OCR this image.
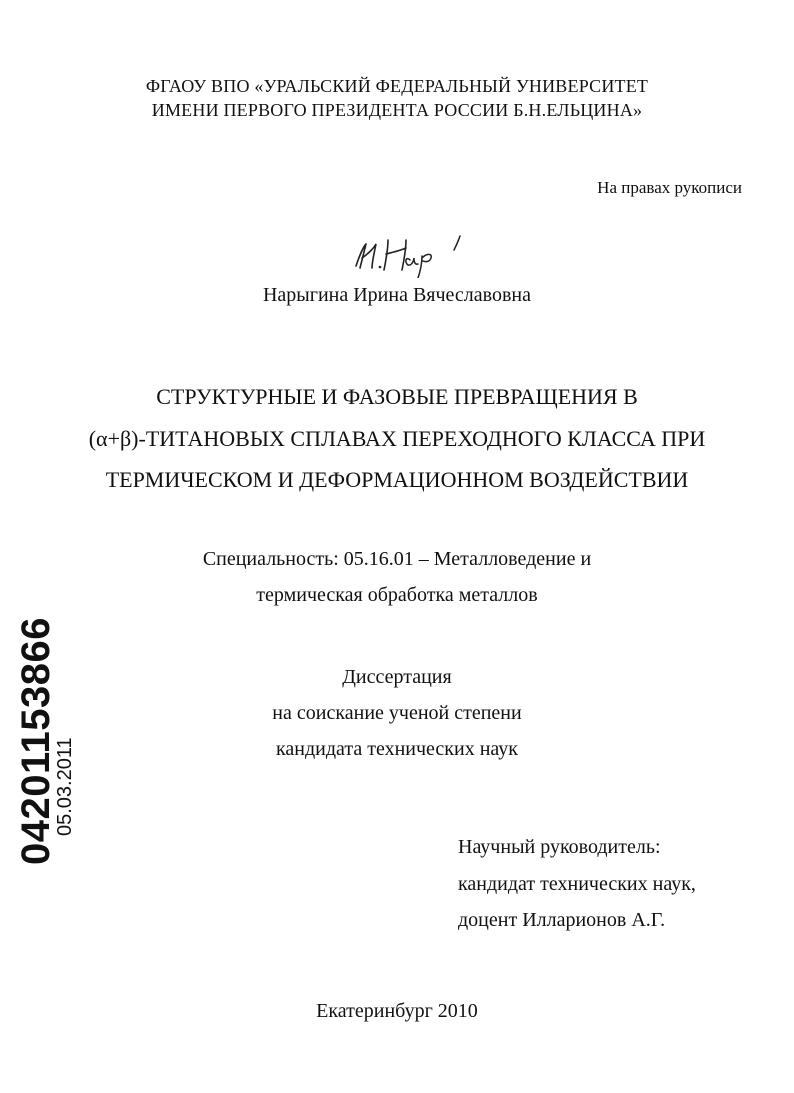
ФГАОУ ВПО «УРАЛЬСКИЙ ФЕДЕРАЛЬНЫЙ УНИВЕРСИТЕТ
ИМЕНИ ПЕРВОГО ПРЕЗИДЕНТА РОССИИ Б.Н.ЕЛЬЦИНА»
На правах рукописи
Нарыгина Ирина Вячеславовна
СТРУКТУРНЫЕ И ФАЗОВЫЕ ПРЕВРАЩЕНИЯ В
(α+β)-ТИТАНОВЫХ СПЛАВАХ ПЕРЕХОДНОГО КЛАССА ПРИ
ТЕРМИЧЕСКОМ И ДЕФОРМАЦИОННОМ ВОЗДЕЙСТВИИ
Специальность: 05.16.01 – Металловедение и
термическая обработка металлов
Диссертация
на соискание ученой степени
кандидата технических наук
Научный руководитель:
кандидат технических наук,
доцент Илларионов А.Г.
Екатеринбург 2010
04201153866
05.03.2011
